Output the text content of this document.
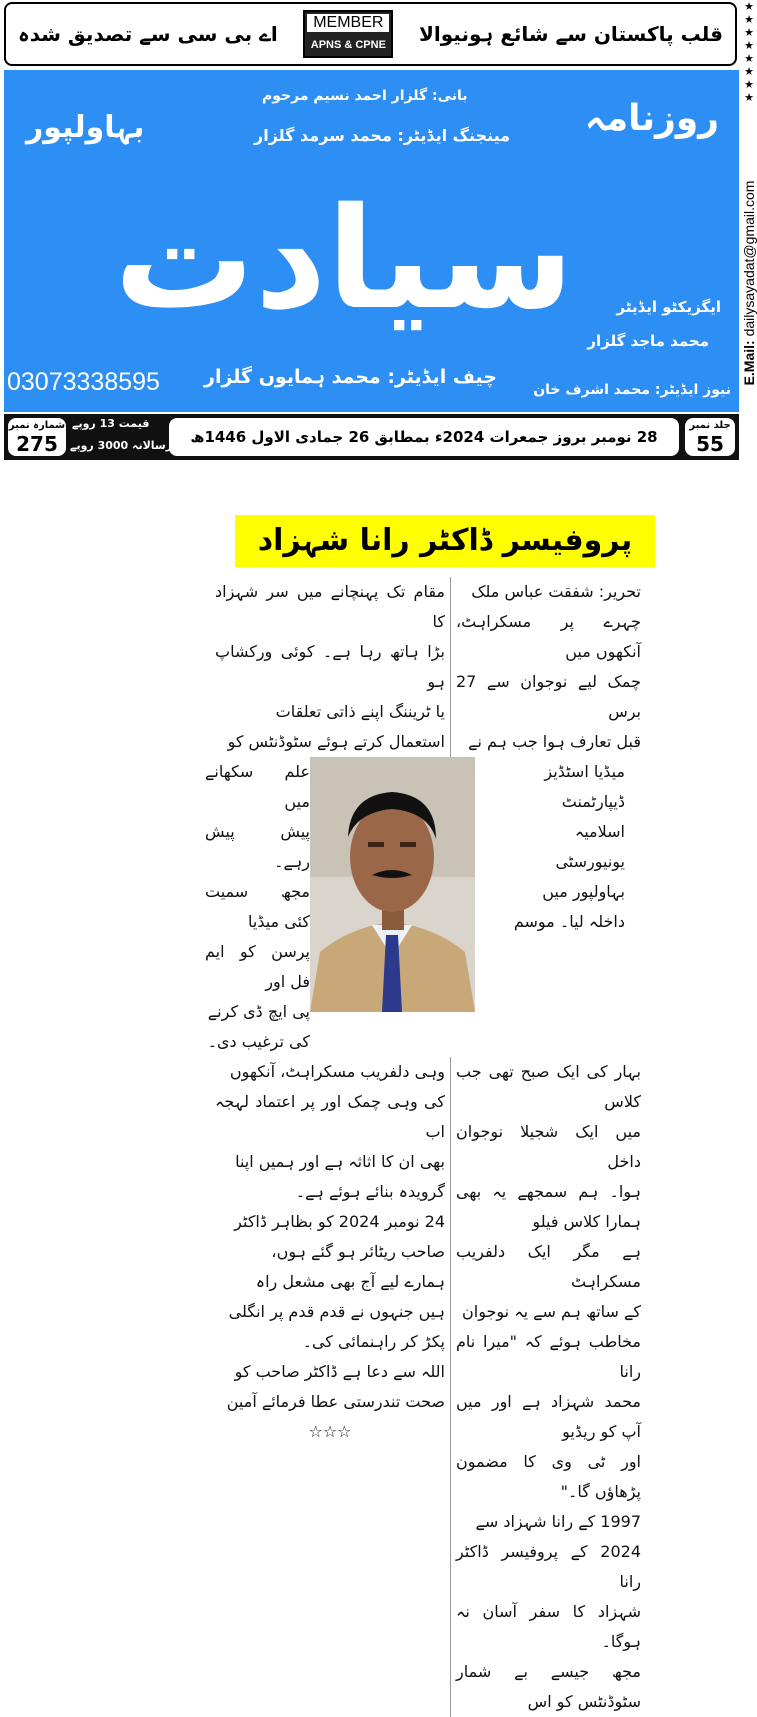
★★★★★★★★
E.Mail: dailysayadat@gmail.com
اے بی سی سے تصدیق شدہ	MEMBER
APNS & CPNE قلب پاکستان سے شائع ہونیوالا
سیادت
روزنامہ
بہاولپور
بانی: گلزار احمد نسیم مرحوم
مینجنگ ایڈیٹر: محمد سرمد گلزار
ایگزیکٹو ایڈیٹر
محمد ماجد گلزار
چیف ایڈیٹر: محمد ہمایوں گلزار
نیوز ایڈیٹر: محمد اشرف خان
03073338595
جلد نمبر
55
28 نومبر بروز جمعرات 2024ء بمطابق 26 جمادی الاول 1446ھ
قیمت 13 روپے
زرسالانہ 3000 روپے
شمارہ نمبر
275
پروفیسر ڈاکٹر رانا شہزاد
مقام تک پہنچانے میں سر شہزاد کا
بڑا ہاتھ رہا ہے۔ کوئی ورکشاپ ہو
یا ٹریننگ اپنے ذاتی تعلقات
استعمال کرتے ہوئے سٹوڈنٹس کو
تحریر: شفقت عباس ملک
چہرے پر مسکراہٹ، آنکھوں میں
چمک لیے نوجوان سے 27 برس
قبل تعارف ہوا جب ہم نے
علم سکھانے میں
پیش پیش رہے۔
مجھ سمیت کئی میڈیا
پرسن کو ایم فل اور
پی ایچ ڈی کرنے
کی ترغیب دی۔
میڈیا اسٹڈیز
ڈیپارٹمنٹ
اسلامیہ
یونیورسٹی
بہاولپور میں
داخلہ لیا۔ موسم
وہی دلفریب مسکراہٹ، آنکھوں
کی وہی چمک اور پر اعتماد لہجہ اب
بھی ان کا اثاثہ ہے اور ہمیں اپنا
گرویدہ بنائے ہوئے ہے۔
24 نومبر 2024 کو بظاہر ڈاکٹر
صاحب ریٹائر ہو گئے ہوں،
ہمارے لیے آج بھی مشعل راہ
ہیں جنہوں نے قدم قدم پر انگلی
پکڑ کر راہنمائی کی۔
اللہ سے دعا ہے ڈاکٹر صاحب کو
صحت تندرستی عطا فرمائے آمین
☆☆☆
بہار کی ایک صبح تھی جب کلاس
میں ایک شجیلا نوجوان داخل
ہوا۔ ہم سمجھے یہ بھی ہمارا کلاس فیلو
ہے مگر ایک دلفریب مسکراہٹ
کے ساتھ ہم سے یہ نوجوان
مخاطب ہوئے کہ "میرا نام رانا
محمد شہزاد ہے اور میں آپ کو ریڈیو
اور ٹی وی کا مضمون پڑھاؤں گا۔"
1997 کے رانا شہزاد سے
2024 کے پروفیسر ڈاکٹر رانا
شہزاد کا سفر آسان نہ ہوگا۔
مجھ جیسے بے شمار سٹوڈنٹس کو اس
